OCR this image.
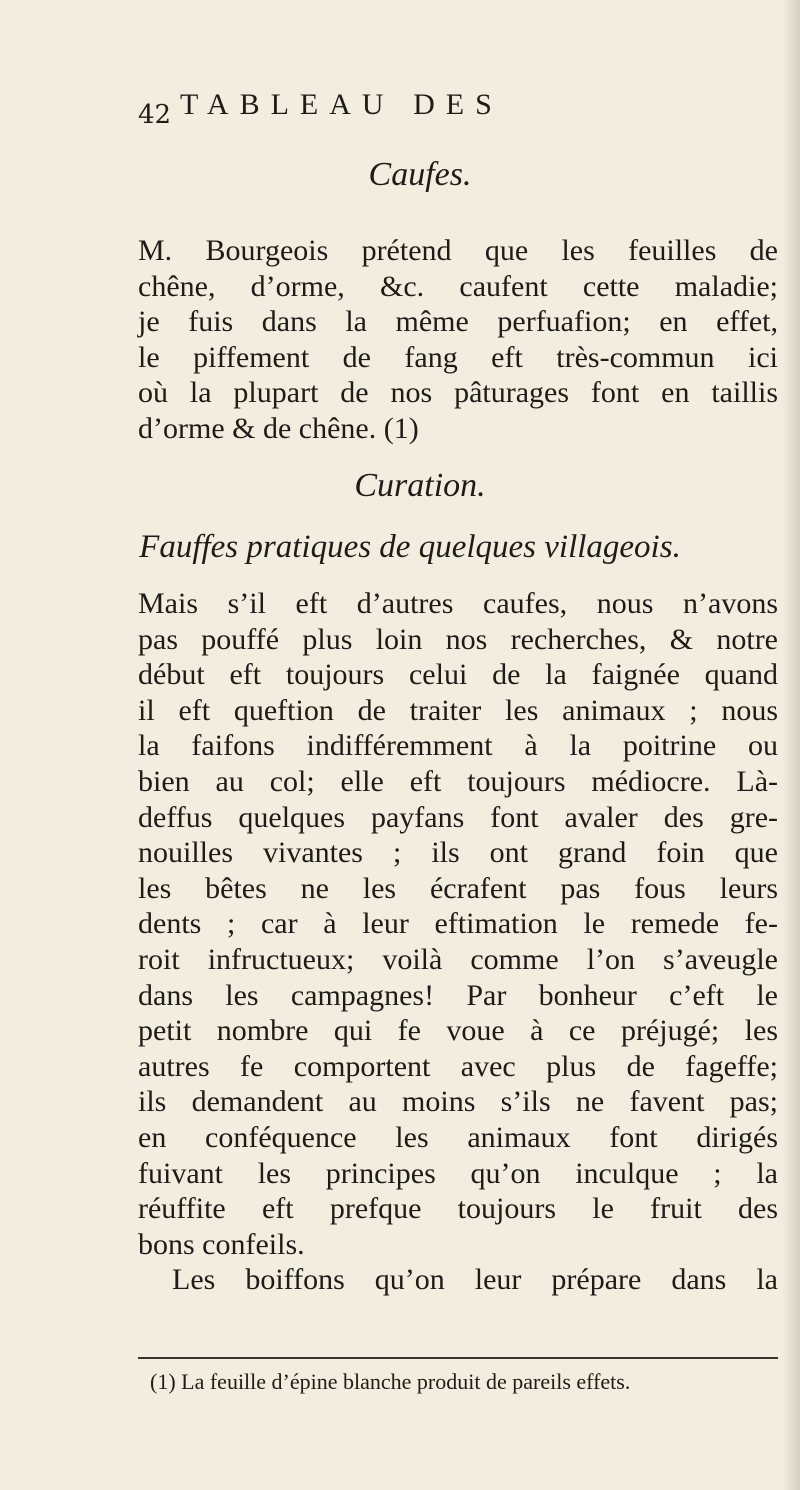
42 TABLEAU DES
Caufes.
M. Bourgeois prétend que les feuilles de
chêne, d’orme, &c. caufent cette maladie;
je fuis dans la même perfuafion; en effet,
le piffement de fang eft très-commun ici
où la plupart de nos pâturages font en taillis
d’orme & de chêne. (1)
Curation.
Fauffes pratiques de quelques villageois.
Mais s’il eft d’autres caufes, nous n’avons
pas pouffé plus loin nos recherches, & notre
début eft toujours celui de la faignée quand
il eft queftion de traiter les animaux ; nous
la faifons indifféremment à la poitrine ou
bien au col; elle eft toujours médiocre. Là-
deffus quelques payfans font avaler des gre-
nouilles vivantes ; ils ont grand foin que
les bêtes ne les écrafent pas fous leurs
dents ; car à leur eftimation le remede fe-
roit infructueux; voilà comme l’on s’aveugle
dans les campagnes! Par bonheur c’eft le
petit nombre qui fe voue à ce préjugé; les
autres fe comportent avec plus de fageffe;
ils demandent au moins s’ils ne favent pas;
en conféquence les animaux font dirigés
fuivant les principes qu’on inculque ; la
réuffite eft prefque toujours le fruit des
bons confeils.
Les boiffons qu’on leur prépare dans la
(1) La feuille d’épine blanche produit de pareils effets.
